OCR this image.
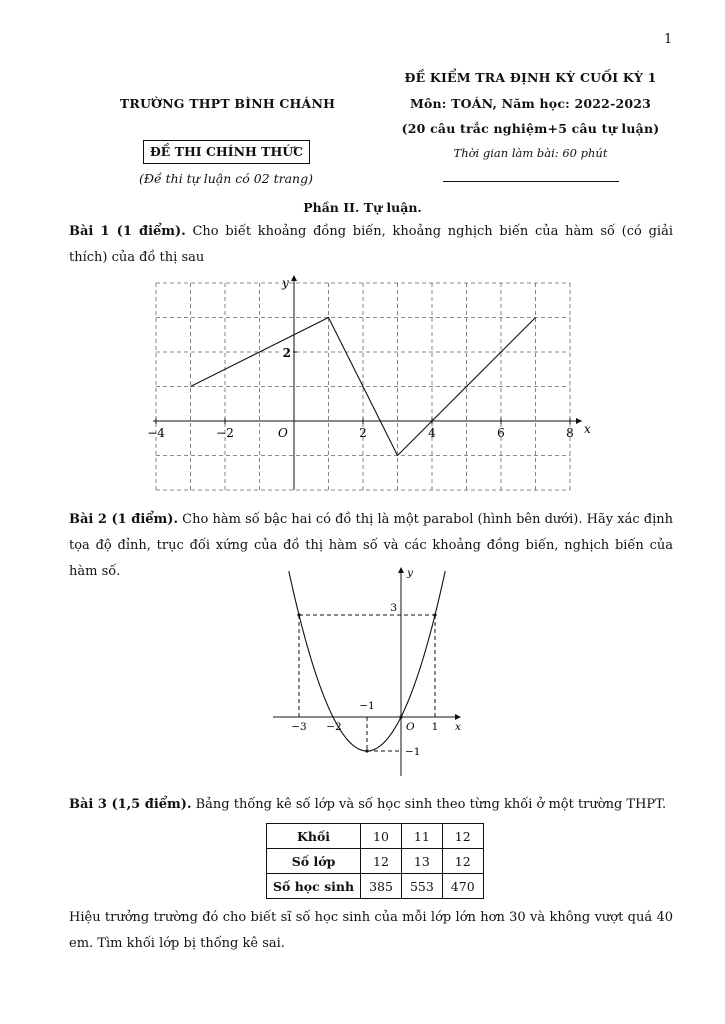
1
ĐỀ KIỂM TRA ĐỊNH KỲ CUỐI KỲ 1
TRƯỜNG THPT BÌNH CHÁNH	Môn: TOÁN, Năm học: 2022-2023
(20 câu trắc nghiệm+5 câu tự luận)
ĐỀ THI CHÍNH THỨC	Thời gian làm bài: 60 phút
(Đề thi tự luận có 02 trang)
Phần II. Tự luận.
Bài 1 (1 điểm). Cho biết khoảng đồng biến, khoảng nghịch biến của hàm số (có giải thích) của đồ thị sau
x
y
O
−4	−2	2	4	6	8
2
Bài 2 (1 điểm). Cho hàm số bậc hai có đồ thị là một parabol (hình bên dưới). Hãy xác định tọa độ đỉnh, trục đối xứng của đồ thị hàm số và các khoảng đồng biến, nghịch biến của hàm số.
−3 −2
−1
1
3
−1
O	x
y
Bài 3 (1,5 điểm). Bảng thống kê số lớp và số học sinh theo từng khối ở một trường THPT.
Khối	10	11	12
Số lớp	12	13	12
Số học sinh	385	553	470
Hiệu trưởng trường đó cho biết sĩ số học sinh của mỗi lớp lớn hơn 30 và không vượt quá 40 em. Tìm khối lớp bị thống kê sai.
